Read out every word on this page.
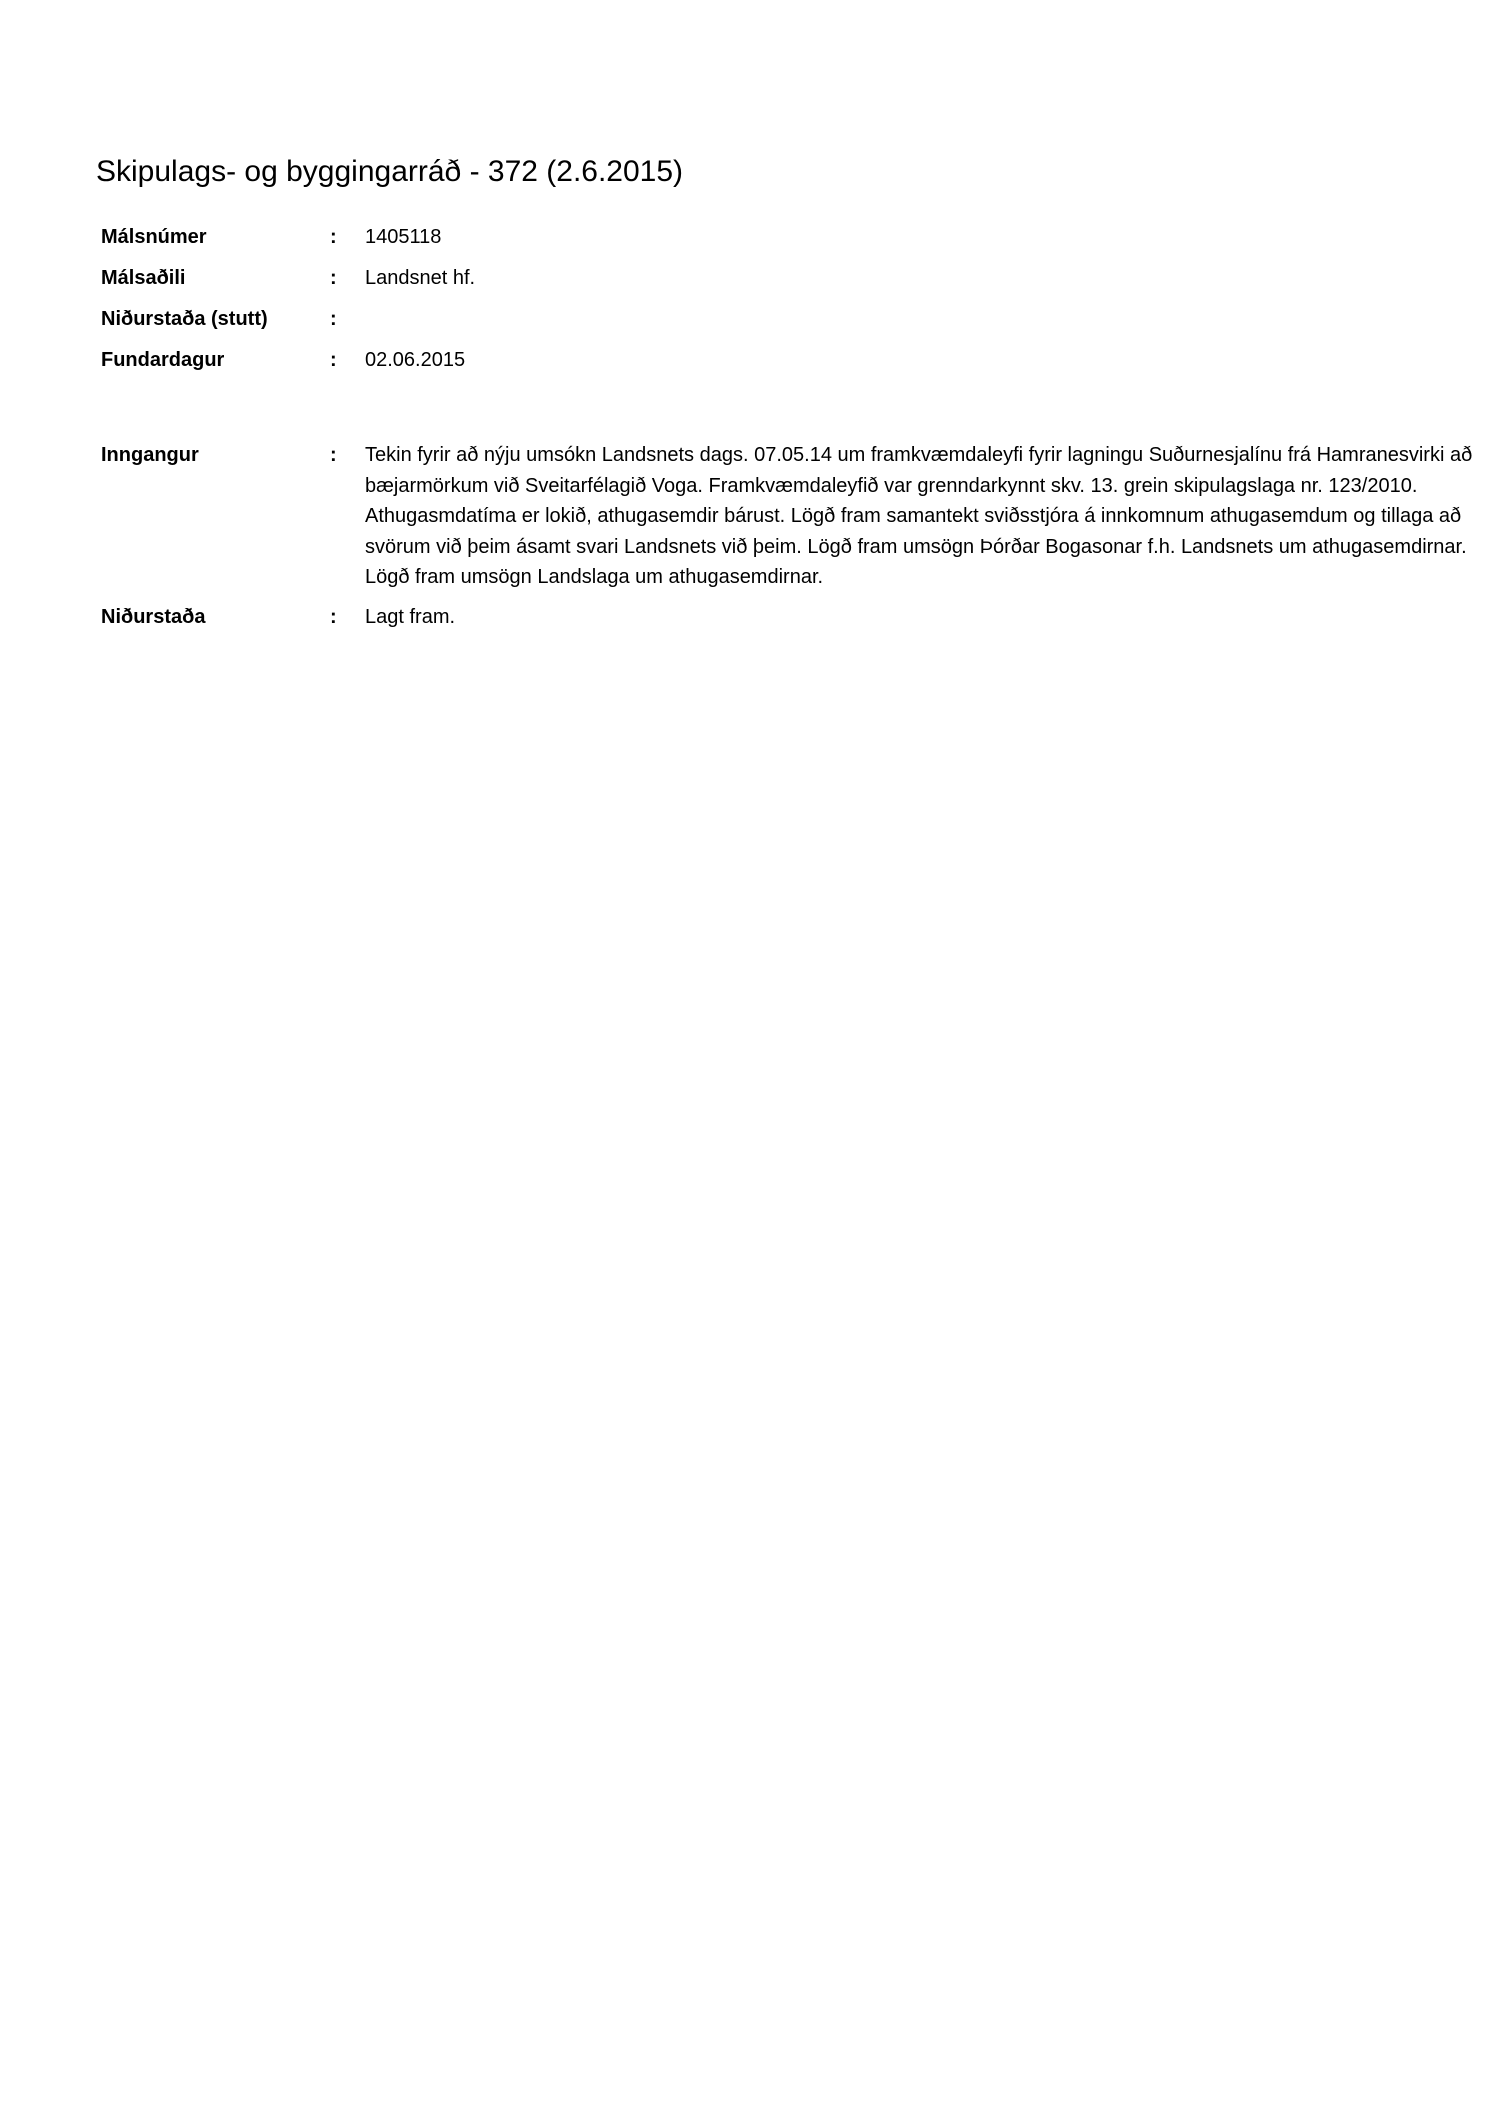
Skipulags- og byggingarráð - 372 (2.6.2015)
Málsnúmer	: 1405118
Málsaðili	: Landsnet hf.
Niðurstaða (stutt)	:
Fundardagur	: 02.06.2015
Inngangur	: Tekin fyrir að nýju umsókn Landsnets dags. 07.05.14 um framkvæmdaleyfi fyrir lagningu Suðurnesjalínu frá Hamranesvirki að bæjarmörkum við Sveitarfélagið Voga. Framkvæmdaleyfið var grenndarkynnt skv. 13. grein skipulagslaga nr. 123/2010. Athugasmdatíma er lokið, athugasemdir bárust. Lögð fram samantekt sviðsstjóra á innkomnum athugasemdum og tillaga að svörum við þeim ásamt svari Landsnets við þeim. Lögð fram umsögn Þórðar Bogasonar f.h. Landsnets um athugasemdirnar. Lögð fram umsögn Landslaga um athugasemdirnar.
Niðurstaða	: Lagt fram.
